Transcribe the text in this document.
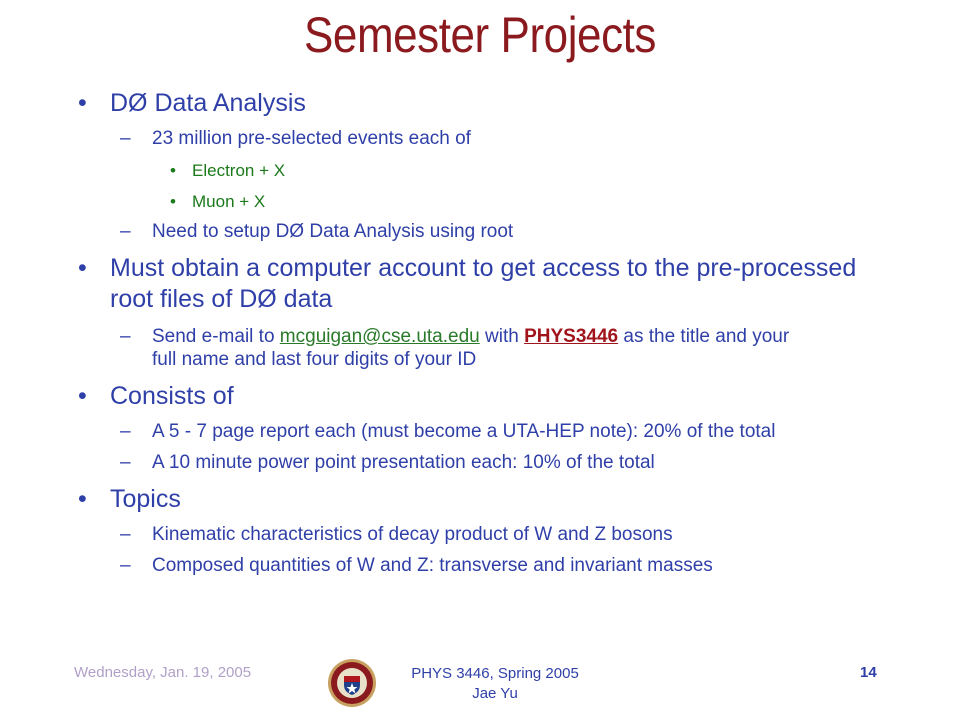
Semester Projects
• DØ Data Analysis
– 23 million pre-selected events each of
• Electron + X
• Muon + X
– Need to setup DØ Data Analysis using root
• Must obtain a computer account to get access to the pre-processed
root files of DØ data
– Send e-mail to mcguigan@cse.uta.edu with PHYS3446 as the title and your
full name and last four digits of your ID
• Consists of
– A 5 - 7 page report each (must become a UTA-HEP note): 20% of the total
– A 10 minute power point presentation each: 10% of the total
• Topics
– Kinematic characteristics of decay product of W and Z bosons
– Composed quantities of W and Z: transverse and invariant masses
Wednesday, Jan. 19, 2005	PHYS 3446, Spring 2005
Jae Yu
14
